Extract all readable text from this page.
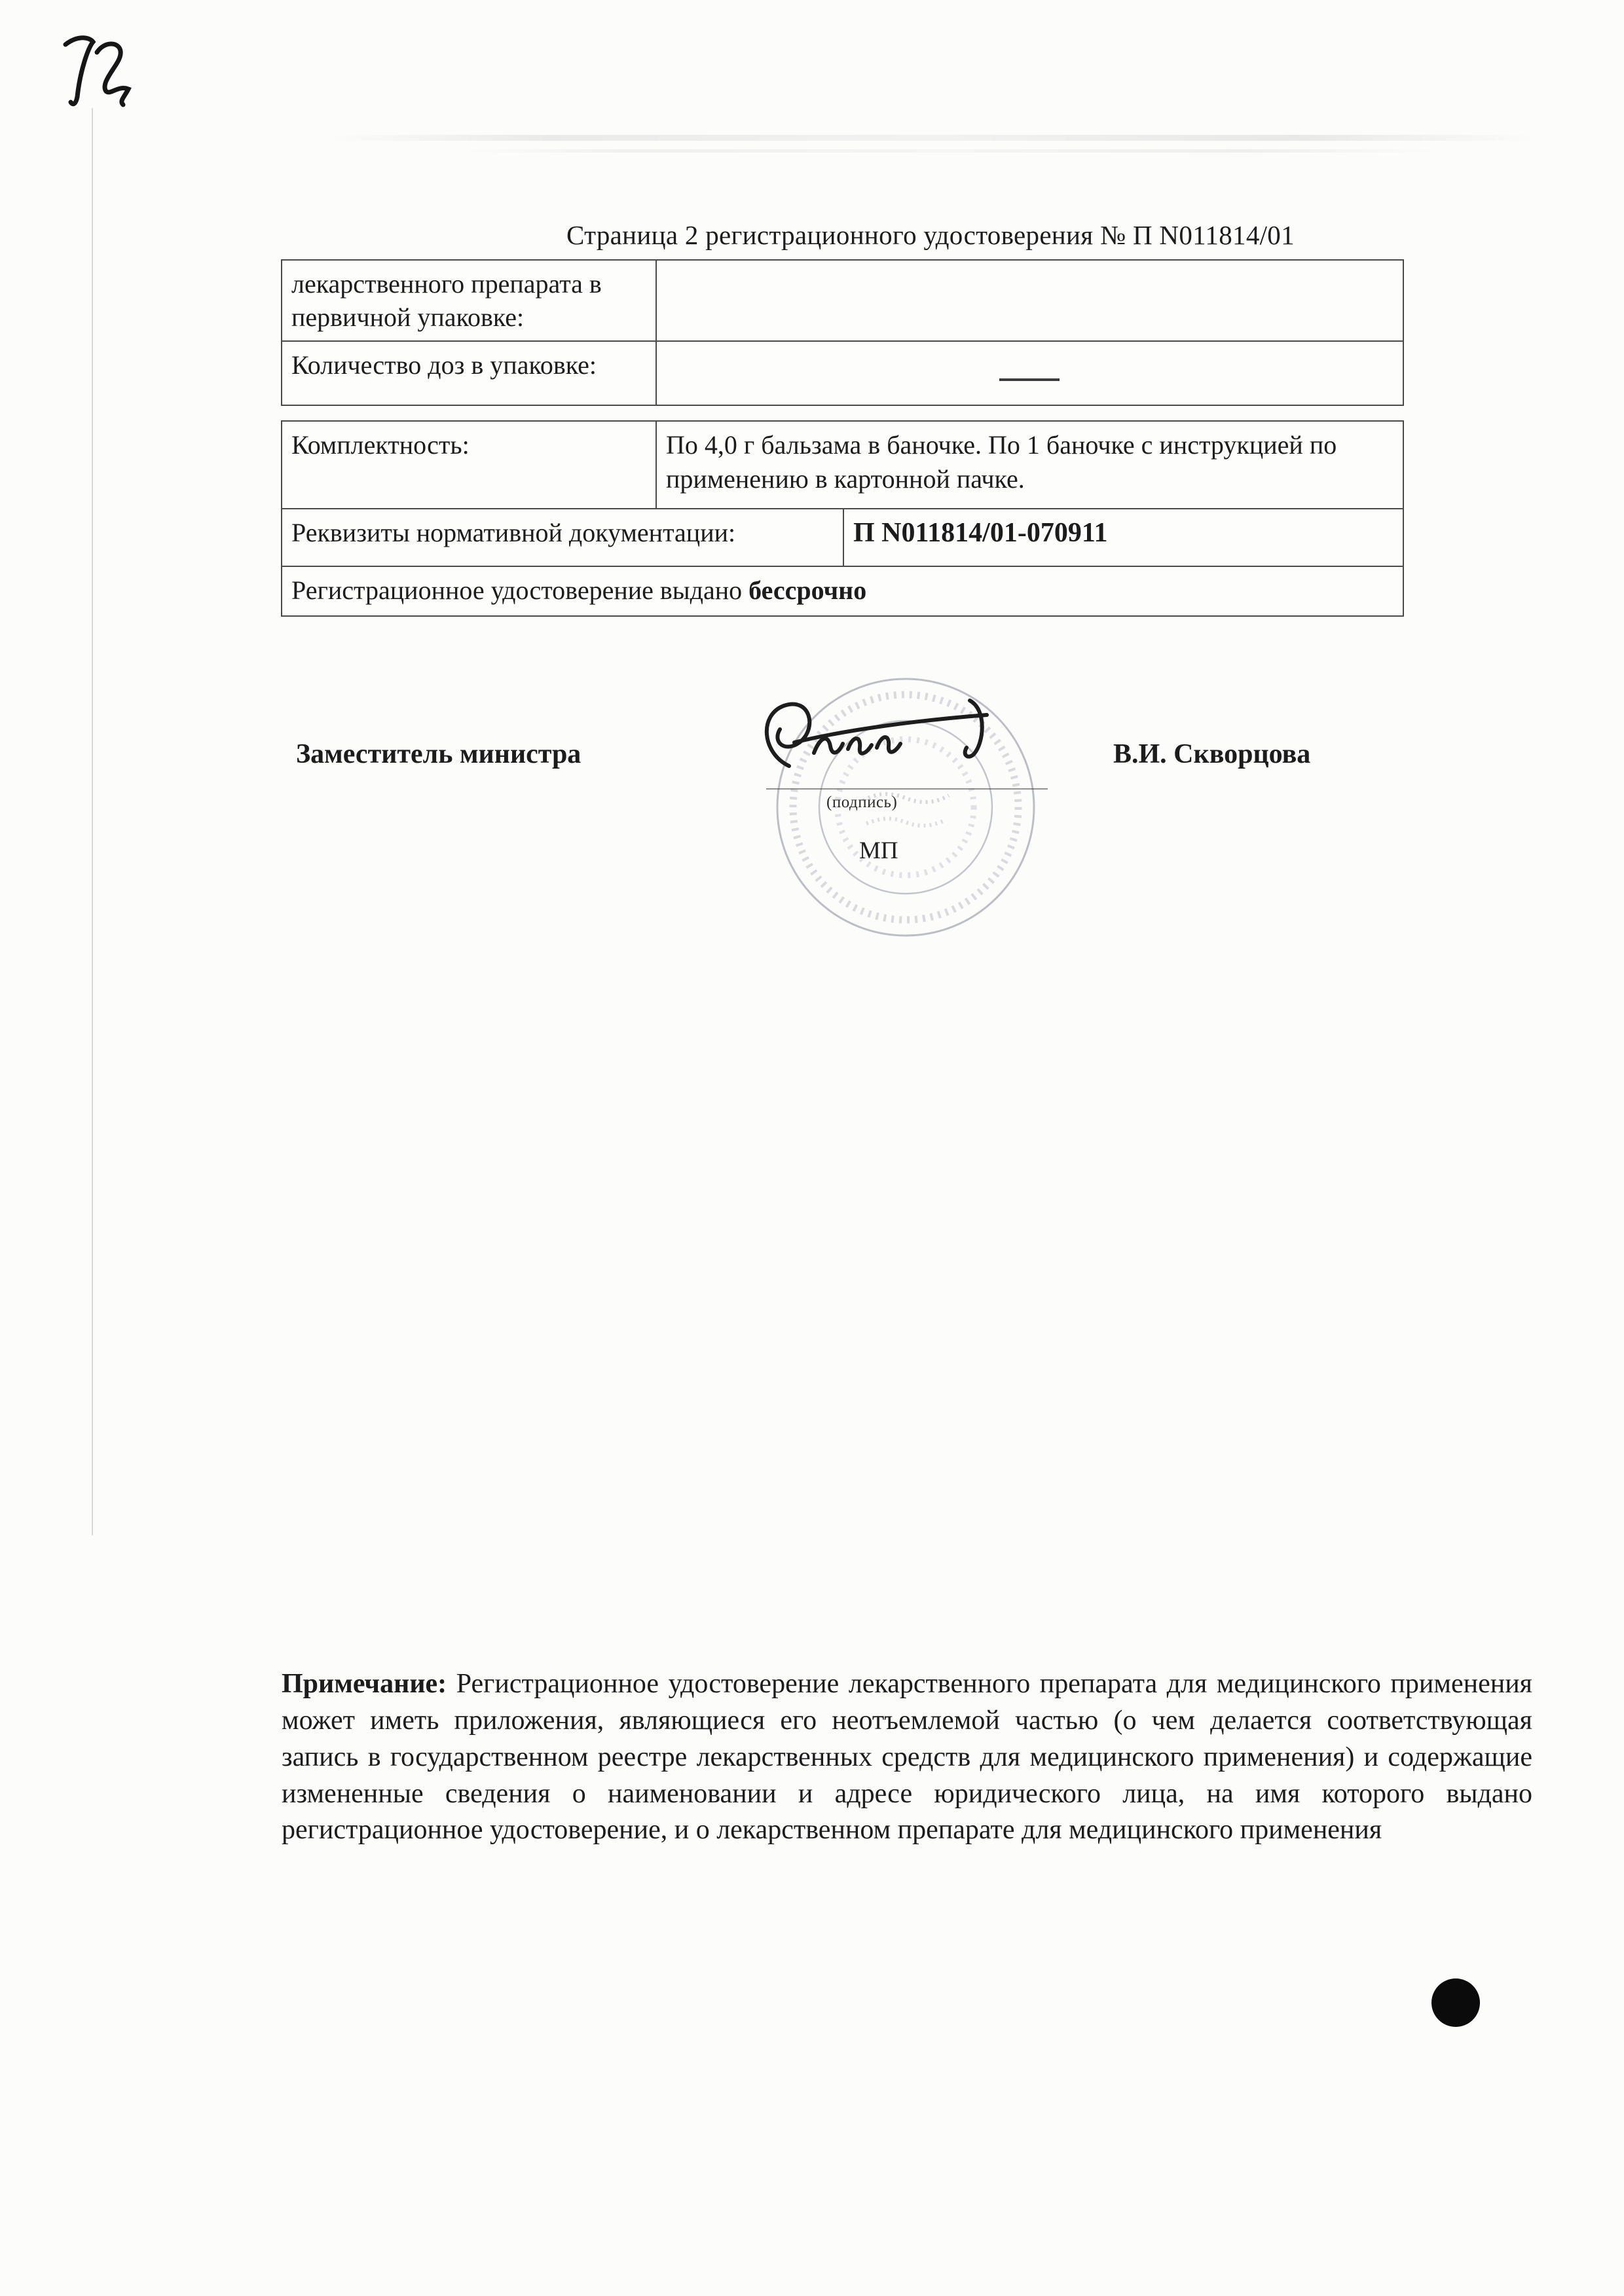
Страница 2 регистрационного удостоверения № П N011814/01
лекарственного препарата в первичной упаковке:
Количество доз в упаковке:
Комплектность:	По 4,0 г бальзама в баночке. По 1 баночке с инструкцией по применению в картонной пачке.
Реквизиты нормативной документации:	П N011814/01-070911
Регистрационное удостоверение выдано бессрочно
Заместитель министра	В.И. Скворцова
(подпись)
МП
Примечание: Регистрационное удостоверение лекарственного препарата для медицинского применения может иметь приложения, являющиеся его неотъемлемой частью (о чем делается соответствующая запись в государственном реестре лекарственных средств для медицинского применения) и содержащие измененные сведения о наименовании и адресе юридического лица, на имя которого выдано регистрационное удостоверение, и о лекарственном препарате для медицинского применения
